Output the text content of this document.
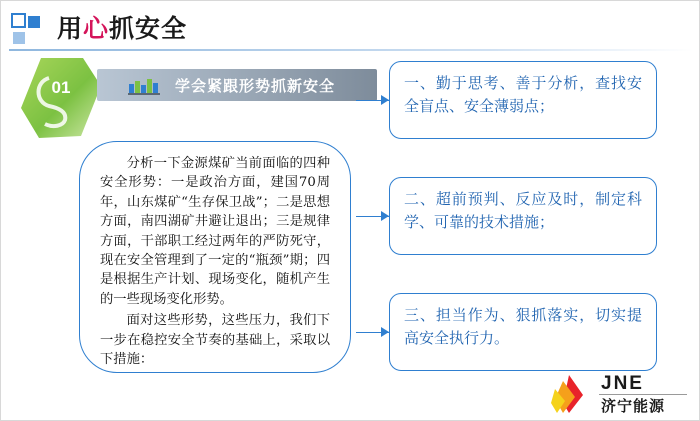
用心抓安全
01	学会紧跟形势抓新安全

分析一下金源煤矿当前面临的四种安全形势：一是政治方面，建国70周年，山东煤矿“生存保卫战”；二是思想方面，南四湖矿井避让退出；三是规律方面，干部职工经过两年的严防死守，现在安全管理到了一定的“瓶颈”期；四是根据生产计划、现场变化，随机产生的一些现场变化形势。

面对这些形势，这些压力，我们下一步在稳控安全节奏的基础上，采取以下措施：

一、勤于思考、善于分析，查找安全盲点、安全薄弱点；
二、超前预判、反应及时，制定科学、可靠的技术措施；
三、担当作为、狠抓落实，切实提高安全执行力。
JNE
济宁能源
